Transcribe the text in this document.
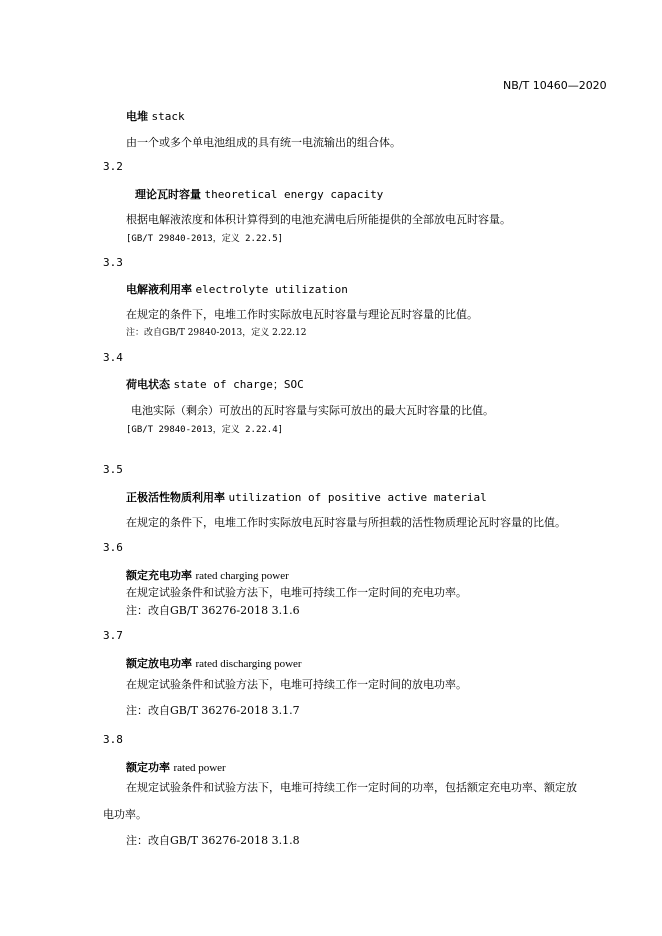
NB/T 10460—2020
电堆 stack
由一个或多个单电池组成的具有统一电流输出的组合体。
3.2
理论瓦时容量 theoretical energy capacity
根据电解液浓度和体积计算得到的电池充满电后所能提供的全部放电瓦时容量。
[GB/T 29840-2013，定义 2.22.5]
3.3
电解液利用率 electrolyte utilization
在规定的条件下，电堆工作时实际放电瓦时容量与理论瓦时容量的比值。
注：改自GB/T 29840-2013，定义 2.22.12
3.4
荷电状态 state of charge；SOC
电池实际（剩余）可放出的瓦时容量与实际可放出的最大瓦时容量的比值。
[GB/T 29840-2013，定义 2.22.4]
3.5
正极活性物质利用率 utilization of positive active material
在规定的条件下，电堆工作时实际放电瓦时容量与所担载的活性物质理论瓦时容量的比值。
3.6
额定充电功率 rated charging power
在规定试验条件和试验方法下，电堆可持续工作一定时间的充电功率。
注：改自GB/T 36276-2018 3.1.6
3.7
额定放电功率 rated discharging power
在规定试验条件和试验方法下，电堆可持续工作一定时间的放电功率。
注：改自GB/T 36276-2018 3.1.7
3.8
额定功率 rated power
在规定试验条件和试验方法下，电堆可持续工作一定时间的功率，包括额定充电功率、额定放
电功率。
注：改自GB/T 36276-2018 3.1.8
